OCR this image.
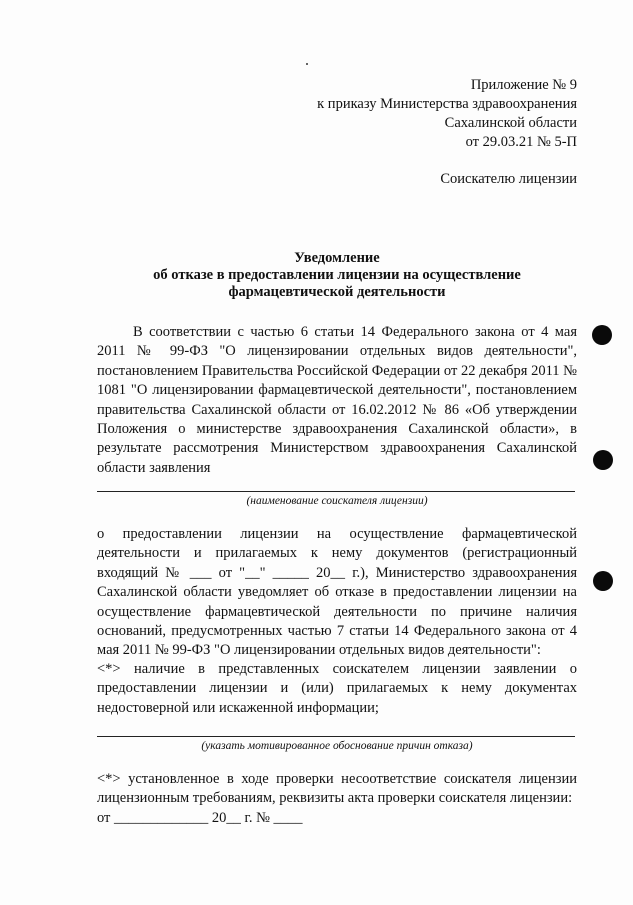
Приложение № 9
к приказу Министерства здравоохранения
Сахалинской области
от 29.03.21 № 5-П
Соискателю лицензии
Уведомление
об отказе в предоставлении лицензии на осуществление
фармацевтической деятельности
В соответствии с частью 6 статьи 14 Федерального закона от 4 мая 2011 № 99-ФЗ "О лицензировании отдельных видов деятельности", постановлением Правительства Российской Федерации от 22 декабря 2011 № 1081 "О лицензировании фармацевтической деятельности", постановлением правительства Сахалинской области от 16.02.2012 № 86 «Об утверждении Положения о министерстве здравоохранения Сахалинской области», в результате рассмотрения Министерством здравоохранения Сахалинской области заявления
(наименование соискателя лицензии)
о предоставлении лицензии на осуществление фармацевтической деятельности и прилагаемых к нему документов (регистрационный входящий № ___ от "__" _____ 20__ г.), Министерство здравоохранения Сахалинской области уведомляет об отказе в предоставлении лицензии на осуществление фармацевтической деятельности по причине наличия оснований, предусмотренных частью 7 статьи 14 Федерального закона от 4 мая 2011 № 99-ФЗ "О лицензировании отдельных видов деятельности":
<*> наличие в представленных соискателем лицензии заявлении о предоставлении лицензии и (или) прилагаемых к нему документах недостоверной или искаженной информации;
(указать мотивированное обоснование причин отказа)
<*> установленное в ходе проверки несоответствие соискателя лицензии лицензионным требованиям, реквизиты акта проверки соискателя лицензии:
от _____________ 20__ г. № ____
